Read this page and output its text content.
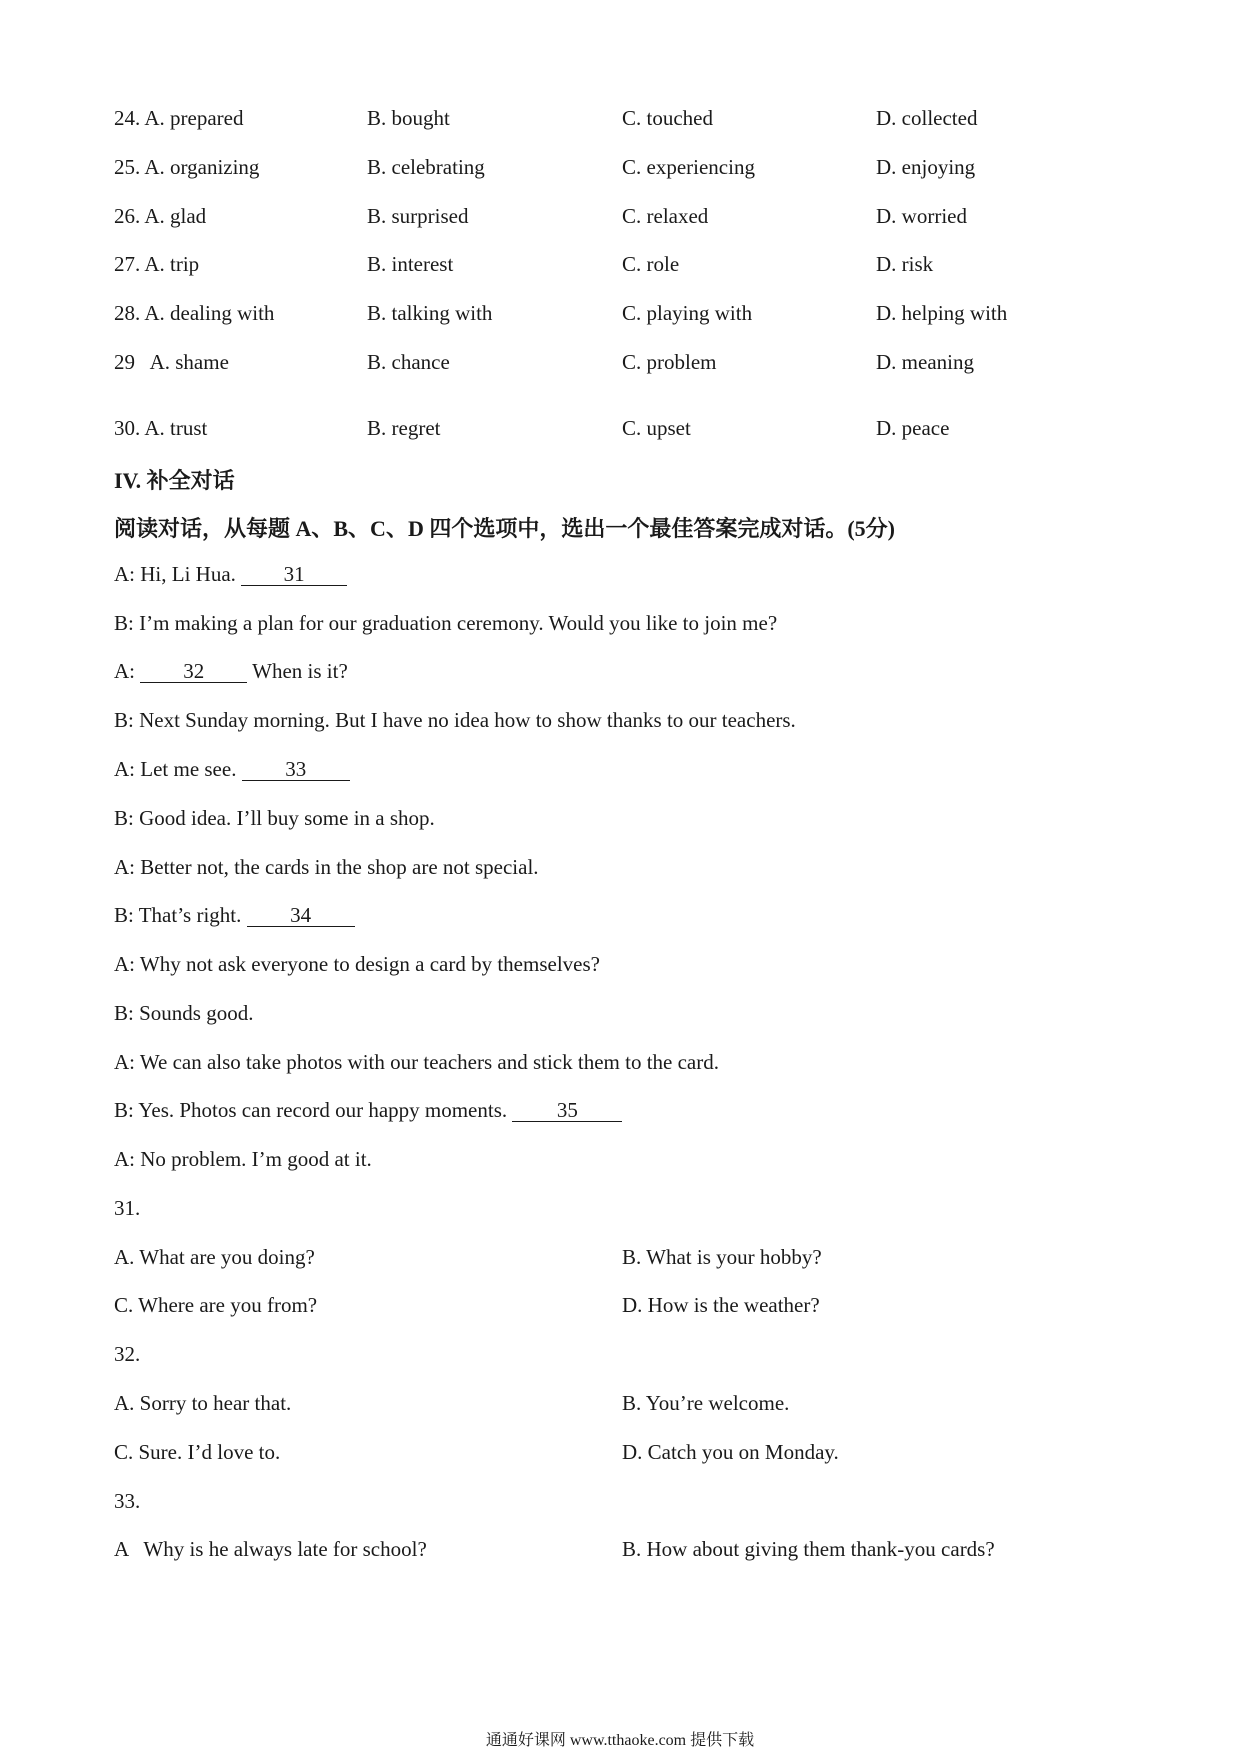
24. A. prepared	B. bought	C. touched	D. collected
25. A. organizing	B. celebrating	C. experiencing	D. enjoying
26. A. glad	B. surprised	C. relaxed	D. worried
27. A. trip	B. interest	C. role	D. risk
28. A. dealing with	B. talking with	C. playing with	D. helping with
29   A. shame	B. chance	C. problem	D. meaning
30. A. trust	B. regret	C. upset	D. peace
IV. 补全对话
阅读对话，从每题 A、B、C、D 四个选项中，选出一个最佳答案完成对话。(5分)
A: Hi, Li Hua. 31
B: I’m making a plan for our graduation ceremony. Would you like to join me?
A: 32 When is it?
B: Next Sunday morning. But I have no idea how to show thanks to our teachers.
A: Let me see. 33
B: Good idea. I’ll buy some in a shop.
A: Better not, the cards in the shop are not special.
B: That’s right. 34
A: Why not ask everyone to design a card by themselves?
B: Sounds good.
A: We can also take photos with our teachers and stick them to the card.
B: Yes. Photos can record our happy moments. 35
A: No problem. I’m good at it.
31.
A. What are you doing?	B. What is your hobby?
C. Where are you from?	D. How is the weather?
32.
A. Sorry to hear that.	B. You’re welcome.
C. Sure. I’d love to.	D. Catch you on Monday.
33.
A   Why is he always late for school?	B. How about giving them thank-you cards?
通通好课网 www.tthaoke.com 提供下载
